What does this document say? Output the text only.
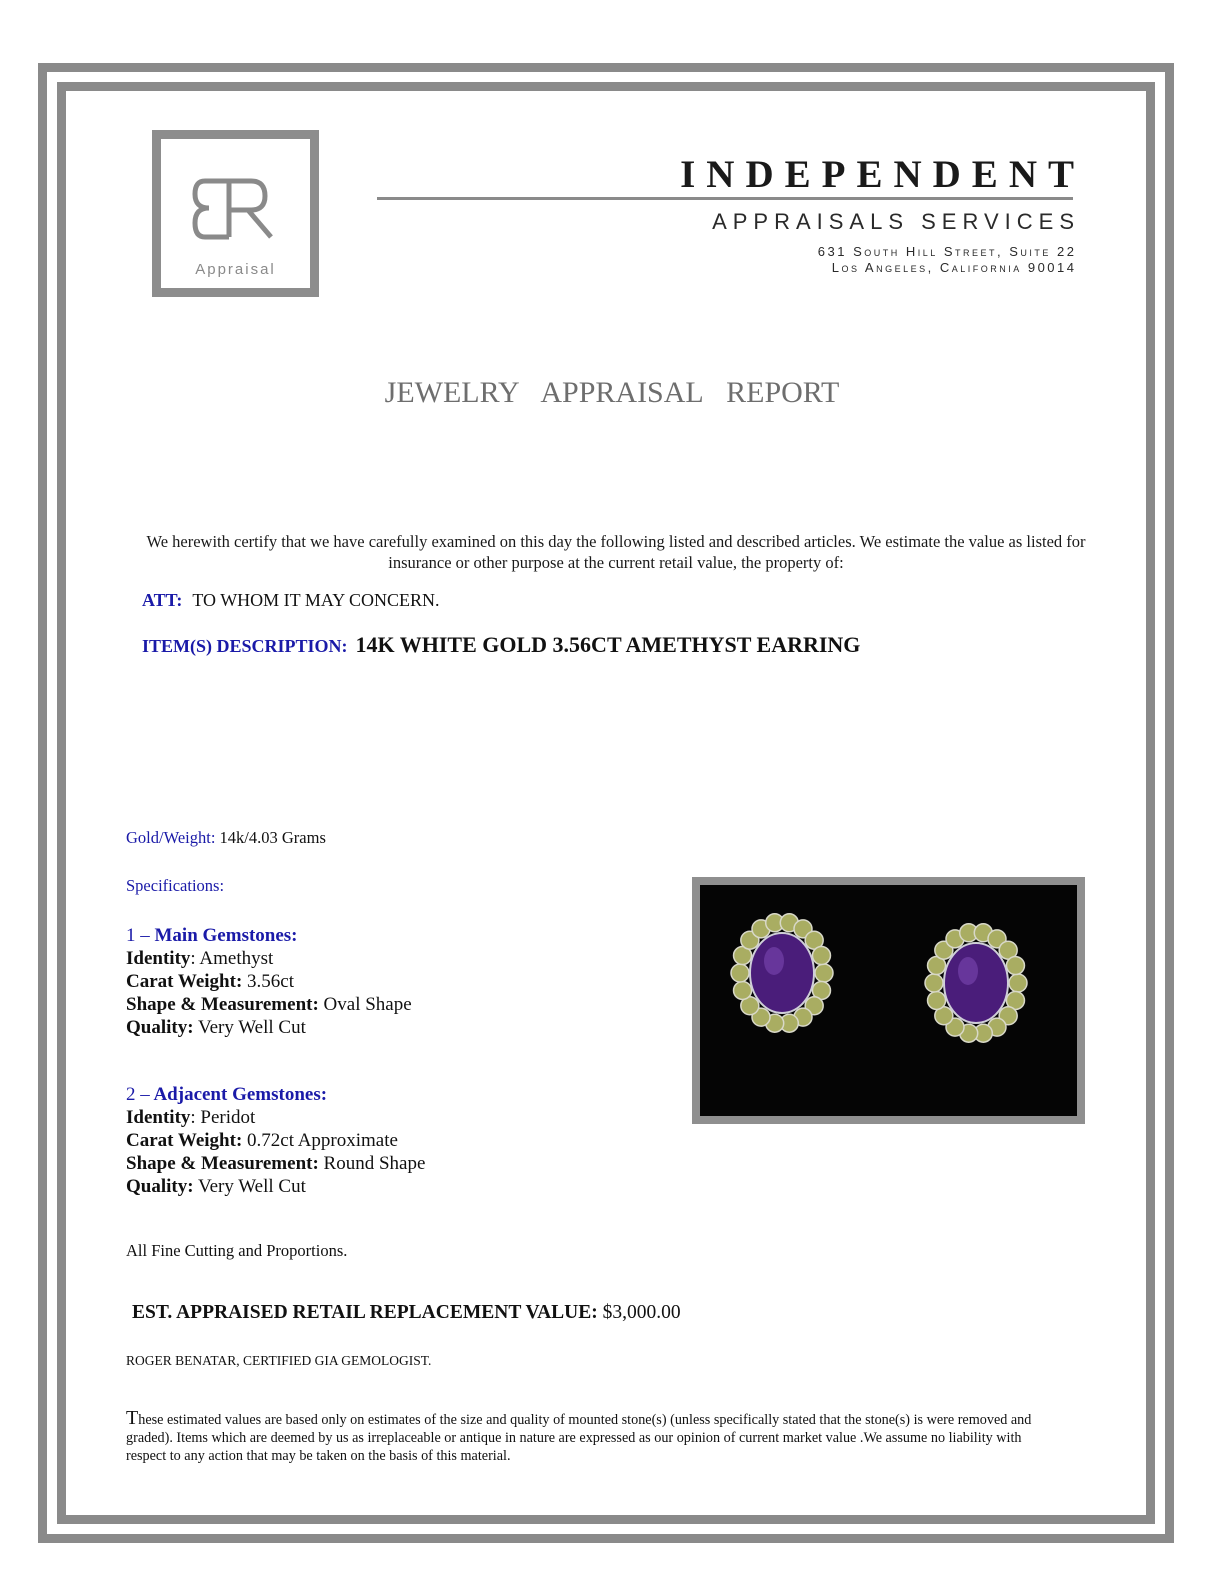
Appraisal
INDEPENDENT
APPRAISALS SERVICES
631 South Hill Street, Suite 22
Los Angeles, California 90014
JEWELRY APPRAISAL REPORT
We herewith certify that we have carefully examined on this day the following listed and described articles. We estimate the value as listed for insurance or other purpose at the current retail value, the property of:
ATT: TO WHOM IT MAY CONCERN.
ITEM(S) DESCRIPTION: 14K WHITE GOLD 3.56CT AMETHYST EARRING
Gold/Weight: 14k/4.03 Grams
Specifications:
1 – Main Gemstones:
Identity: Amethyst
Carat Weight: 3.56ct
Shape & Measurement: Oval Shape
Quality: Very Well Cut
2 – Adjacent Gemstones:
Identity: Peridot
Carat Weight: 0.72ct Approximate
Shape & Measurement: Round Shape
Quality: Very Well Cut
All Fine Cutting and Proportions.
EST. APPRAISED RETAIL REPLACEMENT VALUE: $3,000.00
ROGER BENATAR, CERTIFIED GIA GEMOLOGIST.
These estimated values are based only on estimates of the size and quality of mounted stone(s) (unless specifically stated that the stone(s) is were removed and graded). Items which are deemed by us as irreplaceable or antique in nature are expressed as our opinion of current market value .We assume no liability with respect to any action that may be taken on the basis of this material.
